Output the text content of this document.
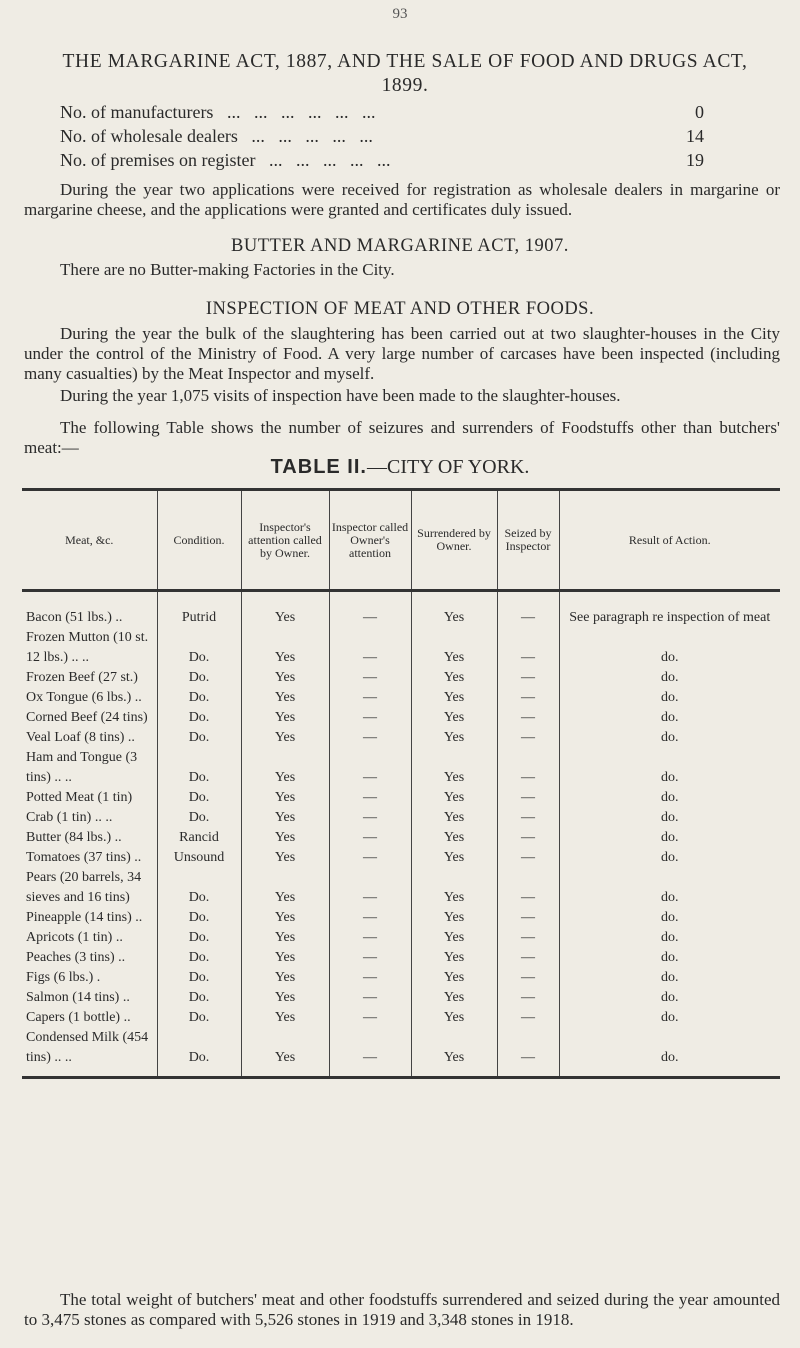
93
THE MARGARINE ACT, 1887, AND THE SALE OF FOOD AND DRUGS ACT, 1899.
No. of manufacturers   ...   ...   ...   ...   ...   ...	0
No. of wholesale dealers   ...   ...   ...   ...   ...	14
No. of premises on register   ...   ...   ...   ...   ...	19

During the year two applications were received for registration as wholesale dealers in margarine or margarine cheese, and the applications were granted and certificates duly issued.

BUTTER AND MARGARINE ACT, 1907.

There are no Butter-making Factories in the City.

INSPECTION OF MEAT AND OTHER FOODS.

During the year the bulk of the slaughtering has been carried out at two slaughter-houses in the City under the control of the Ministry of Food. A very large number of carcases have been inspected (including many casualties) by the Meat Inspector and myself.

During the year 1,075 visits of inspection have been made to the slaughter-houses.

The following Table shows the number of seizures and surrenders of Foodstuffs other than butchers' meat:—

TABLE II.—CITY OF YORK.
Meat, &c.	Condition.	Inspector's attention called by Owner.	Inspector called Owner's attention	Surrendered by Owner.	Seized by Inspector	Result of Action.
Bacon (51 lbs.) ..	Putrid	Yes	—	Yes	—	See paragraph re inspection of meat
Frozen Mutton (10 st. 12 lbs.) .. ..	Do.	Yes	—	Yes	—	do.
Frozen Beef (27 st.)	Do.	Yes	—	Yes	—	do.
Ox Tongue (6 lbs.) ..	Do.	Yes	—	Yes	—	do.
Corned Beef (24 tins)	Do.	Yes	—	Yes	—	do.
Veal Loaf (8 tins) ..	Do.	Yes	—	Yes	—	do.
Ham and Tongue (3 tins) .. ..	Do.	Yes	—	Yes	—	do.
Potted Meat (1 tin)	Do.	Yes	—	Yes	—	do.
Crab (1 tin) .. ..	Do.	Yes	—	Yes	—	do.
Butter (84 lbs.) ..	Rancid	Yes	—	Yes	—	do.
Tomatoes (37 tins) ..	Unsound	Yes	—	Yes	—	do.
Pears (20 barrels, 34 sieves and 16 tins)	Do.	Yes	—	Yes	—	do.
Pineapple (14 tins) ..	Do.	Yes	—	Yes	—	do.
Apricots (1 tin) ..	Do.	Yes	—	Yes	—	do.
Peaches (3 tins) ..	Do.	Yes	—	Yes	—	do.
Figs (6 lbs.) .	Do.	Yes	—	Yes	—	do.
Salmon (14 tins) ..	Do.	Yes	—	Yes	—	do.
Capers (1 bottle) ..	Do.	Yes	—	Yes	—	do.
Condensed Milk (454 tins) .. ..	Do.	Yes	—	Yes	—	do.

The total weight of butchers' meat and other foodstuffs surrendered and seized during the year amounted to 3,475 stones as compared with 5,526 stones in 1919 and 3,348 stones in 1918.
